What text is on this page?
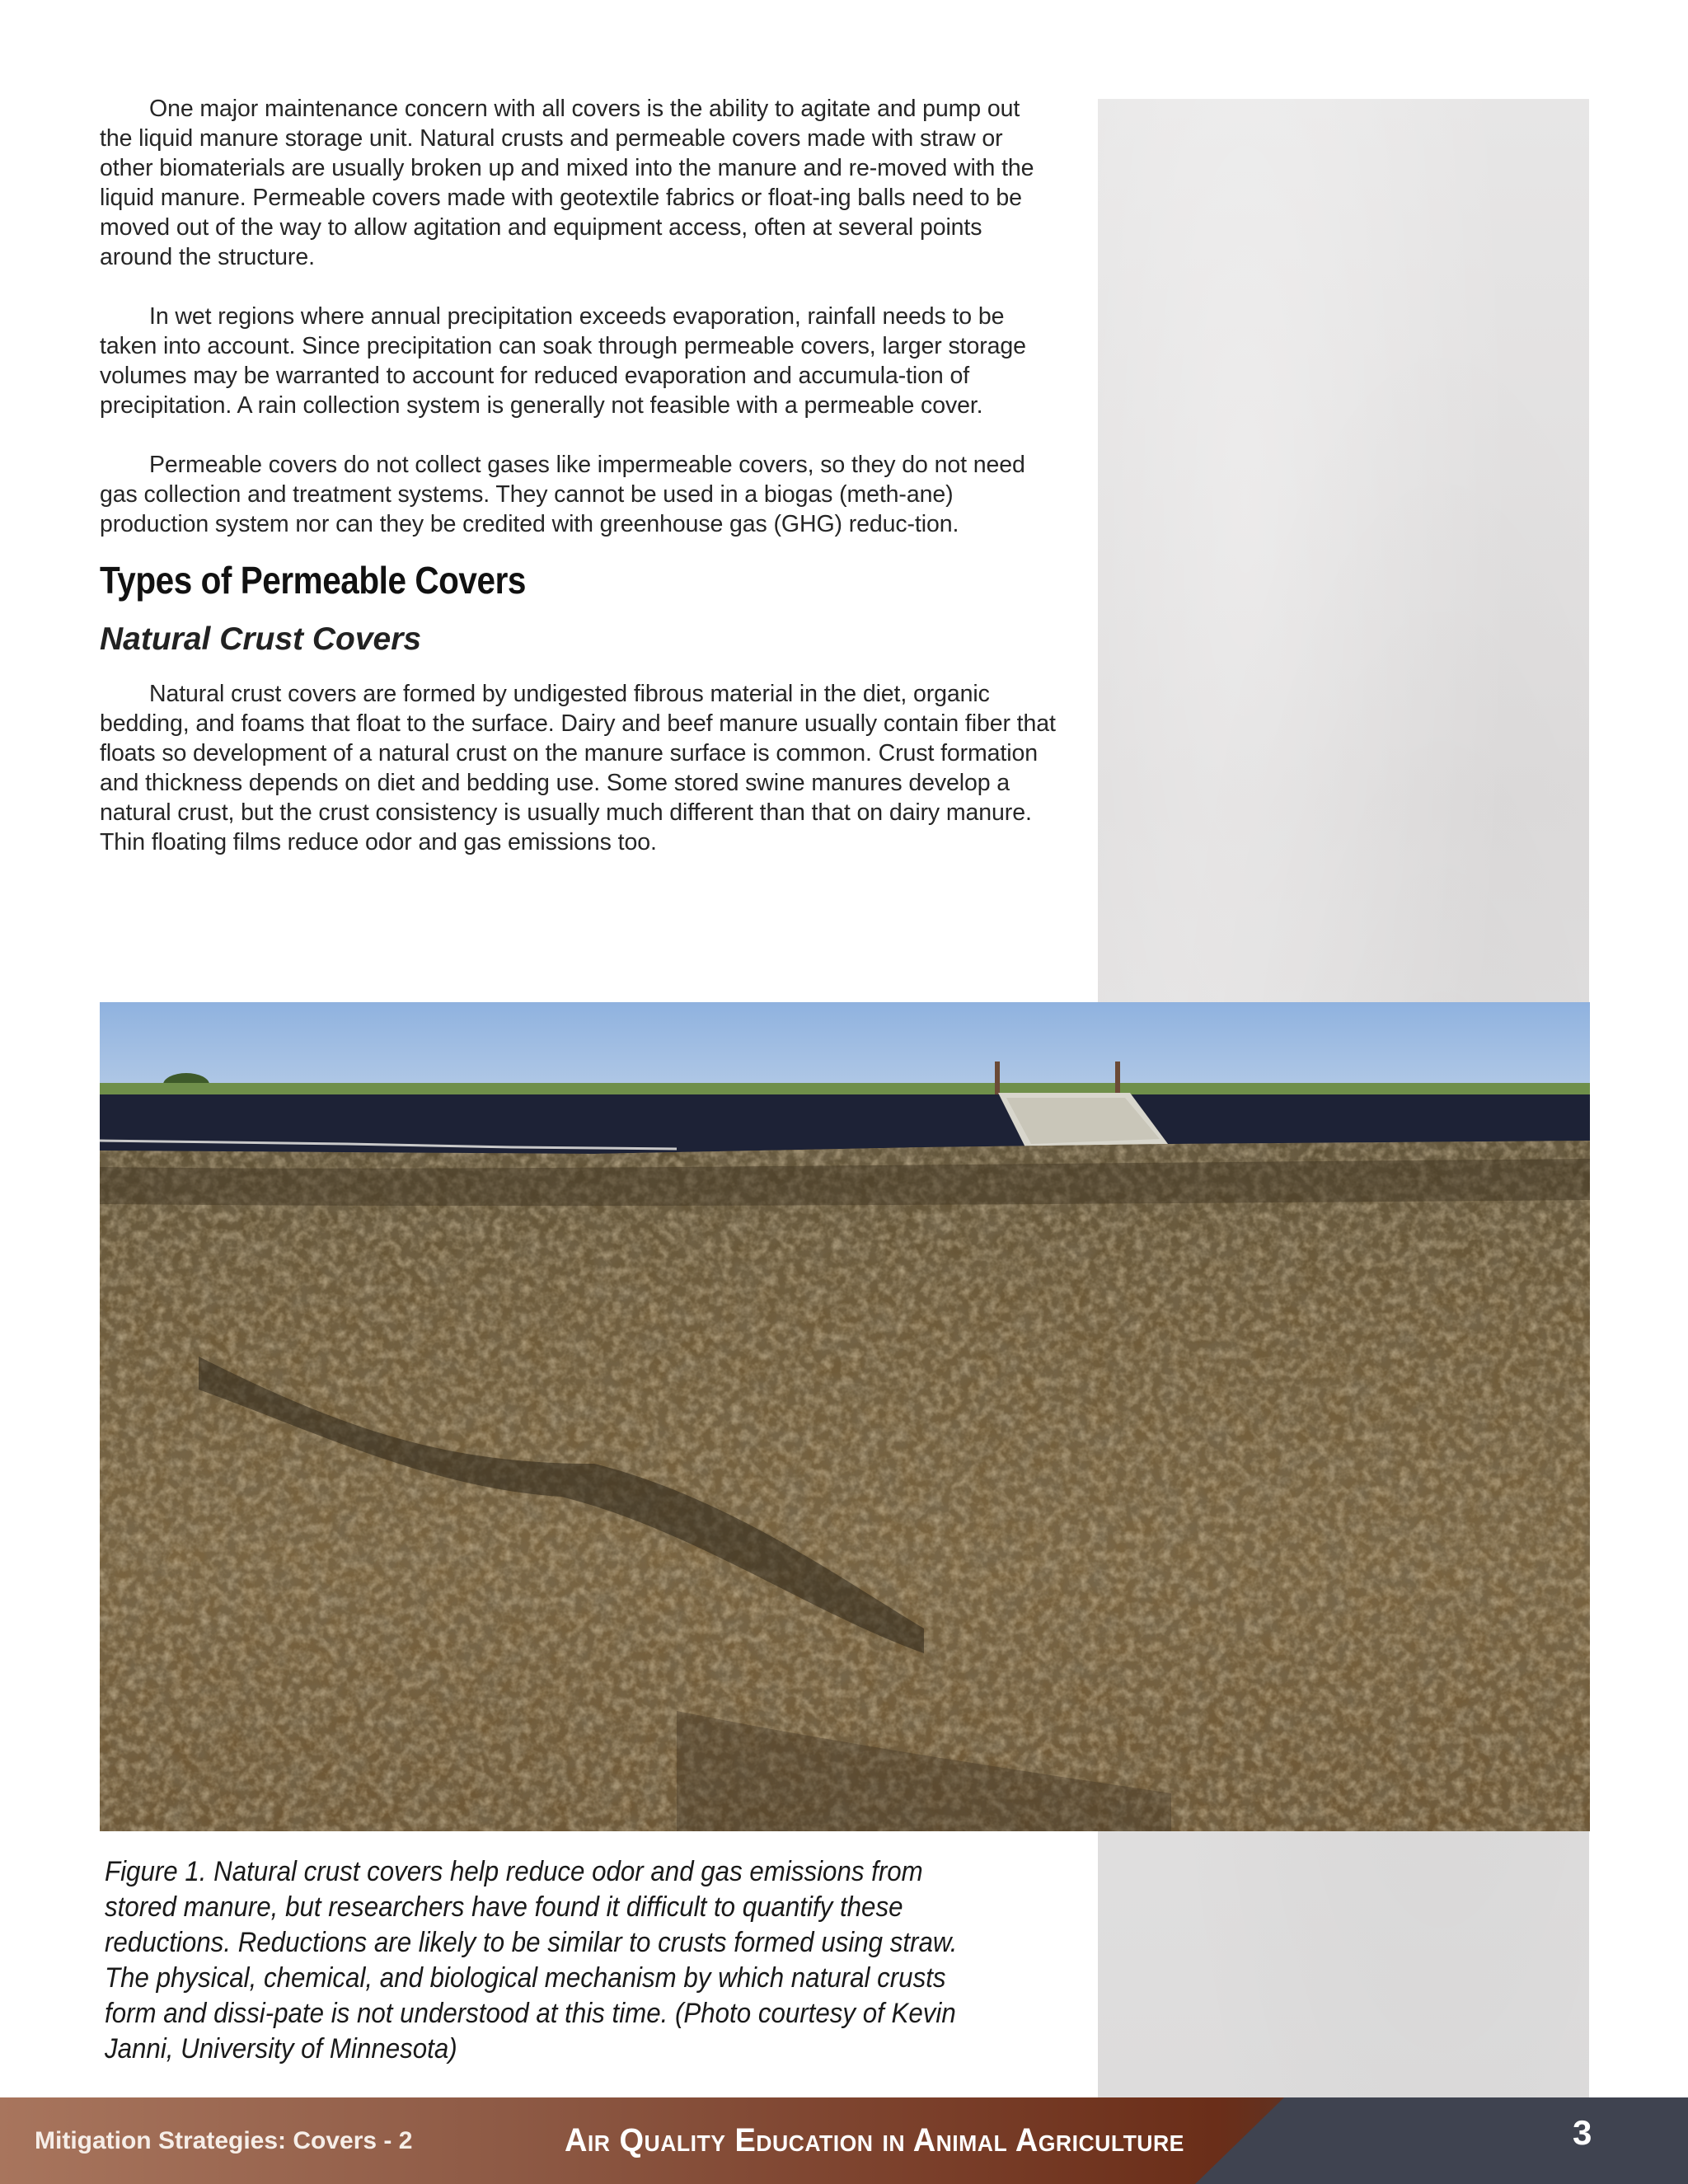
One major maintenance concern with all covers is the ability to agitate and pump out the liquid manure storage unit. Natural crusts and permeable covers made with straw or other biomaterials are usually broken up and mixed into the manure and re-moved with the liquid manure. Permeable covers made with geotextile fabrics or float-ing balls need to be moved out of the way to allow agitation and equipment access, often at several points around the structure.

In wet regions where annual precipitation exceeds evaporation, rainfall needs to be taken into account. Since precipitation can soak through permeable covers, larger storage volumes may be warranted to account for reduced evaporation and accumula-tion of precipitation. A rain collection system is generally not feasible with a permeable cover.

Permeable covers do not collect gases like impermeable covers, so they do not need gas collection and treatment systems. They cannot be used in a biogas (meth-ane) production system nor can they be credited with greenhouse gas (GHG) reduc-tion.

Types of Permeable Covers
Natural Crust Covers

Natural crust covers are formed by undigested fibrous material in the diet, organic bedding, and foams that float to the surface. Dairy and beef manure usually contain fiber that floats so development of a natural crust on the manure surface is common. Crust formation and thickness depends on diet and bedding use. Some stored swine manures develop a natural crust, but the crust consistency is usually much different than that on dairy manure. Thin floating films reduce odor and gas emissions too.

Figure 1. Natural crust covers help reduce odor and gas emissions from stored manure, but researchers have found it difficult to quantify these reductions. Reductions are likely to be similar to crusts formed using straw. The physical, chemical, and biological mechanism by which natural crusts form and dissi-pate is not understood at this time. (Photo courtesy of Kevin Janni, University of Minnesota)
Mitigation Strategies: Covers - 2	Air Quality Education in Animal Agriculture	3
